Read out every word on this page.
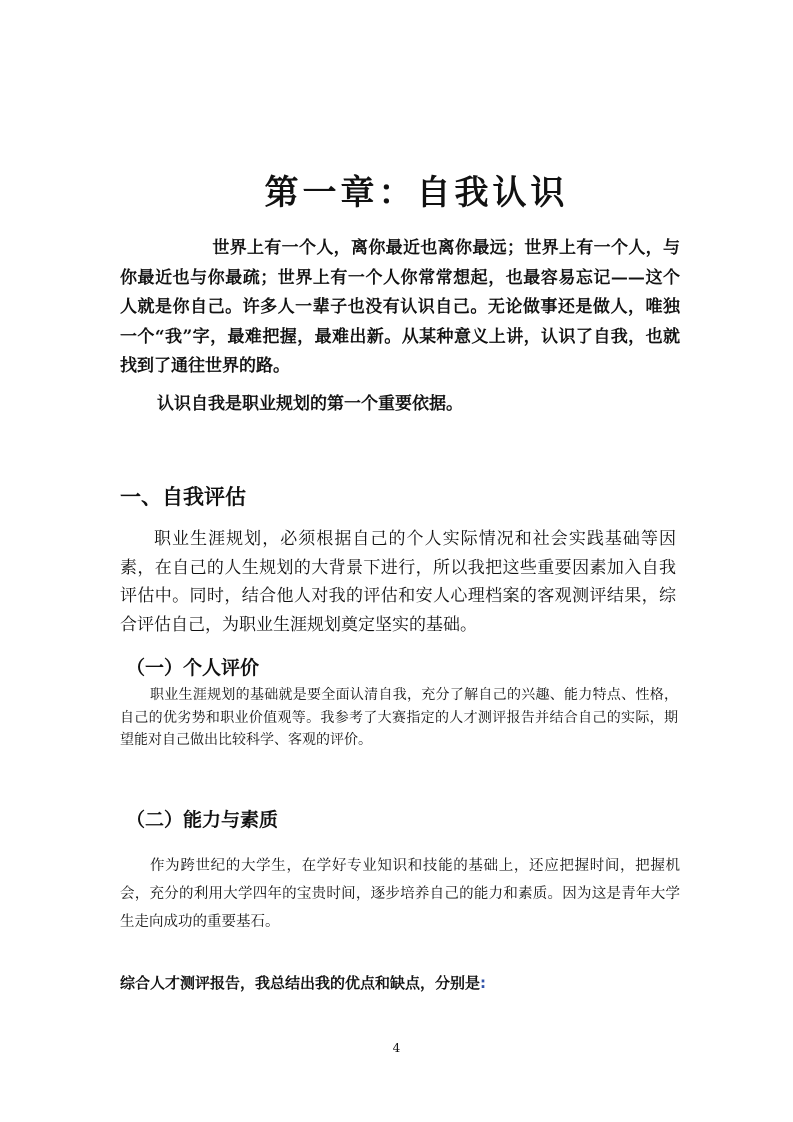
第一章：自我认识

世界上有一个人，离你最近也离你最远；世界上有一个人，与你最近也与你最疏；世界上有一个人你常常想起，也最容易忘记——这个人就是你自己。许多人一辈子也没有认识自己。无论做事还是做人，唯独一个“我”字，最难把握，最难出新。从某种意义上讲，认识了自我，也就找到了通往世界的路。

认识自我是职业规划的第一个重要依据。

一、自我评估

职业生涯规划，必须根据自己的个人实际情况和社会实践基础等因素，在自己的人生规划的大背景下进行，所以我把这些重要因素加入自我评估中。同时，结合他人对我的评估和安人心理档案的客观测评结果，综合评估自己，为职业生涯规划奠定坚实的基础。

（一）个人评价

职业生涯规划的基础就是要全面认清自我，充分了解自己的兴趣、能力特点、性格，自己的优劣势和职业价值观等。我参考了大赛指定的人才测评报告并结合自己的实际，期望能对自己做出比较科学、客观的评价。

（二）能力与素质

作为跨世纪的大学生，在学好专业知识和技能的基础上，还应把握时间，把握机会，充分的利用大学四年的宝贵时间，逐步培养自己的能力和素质。因为这是青年大学生走向成功的重要基石。

综合人才测评报告，我总结出我的优点和缺点，分别是:

4
